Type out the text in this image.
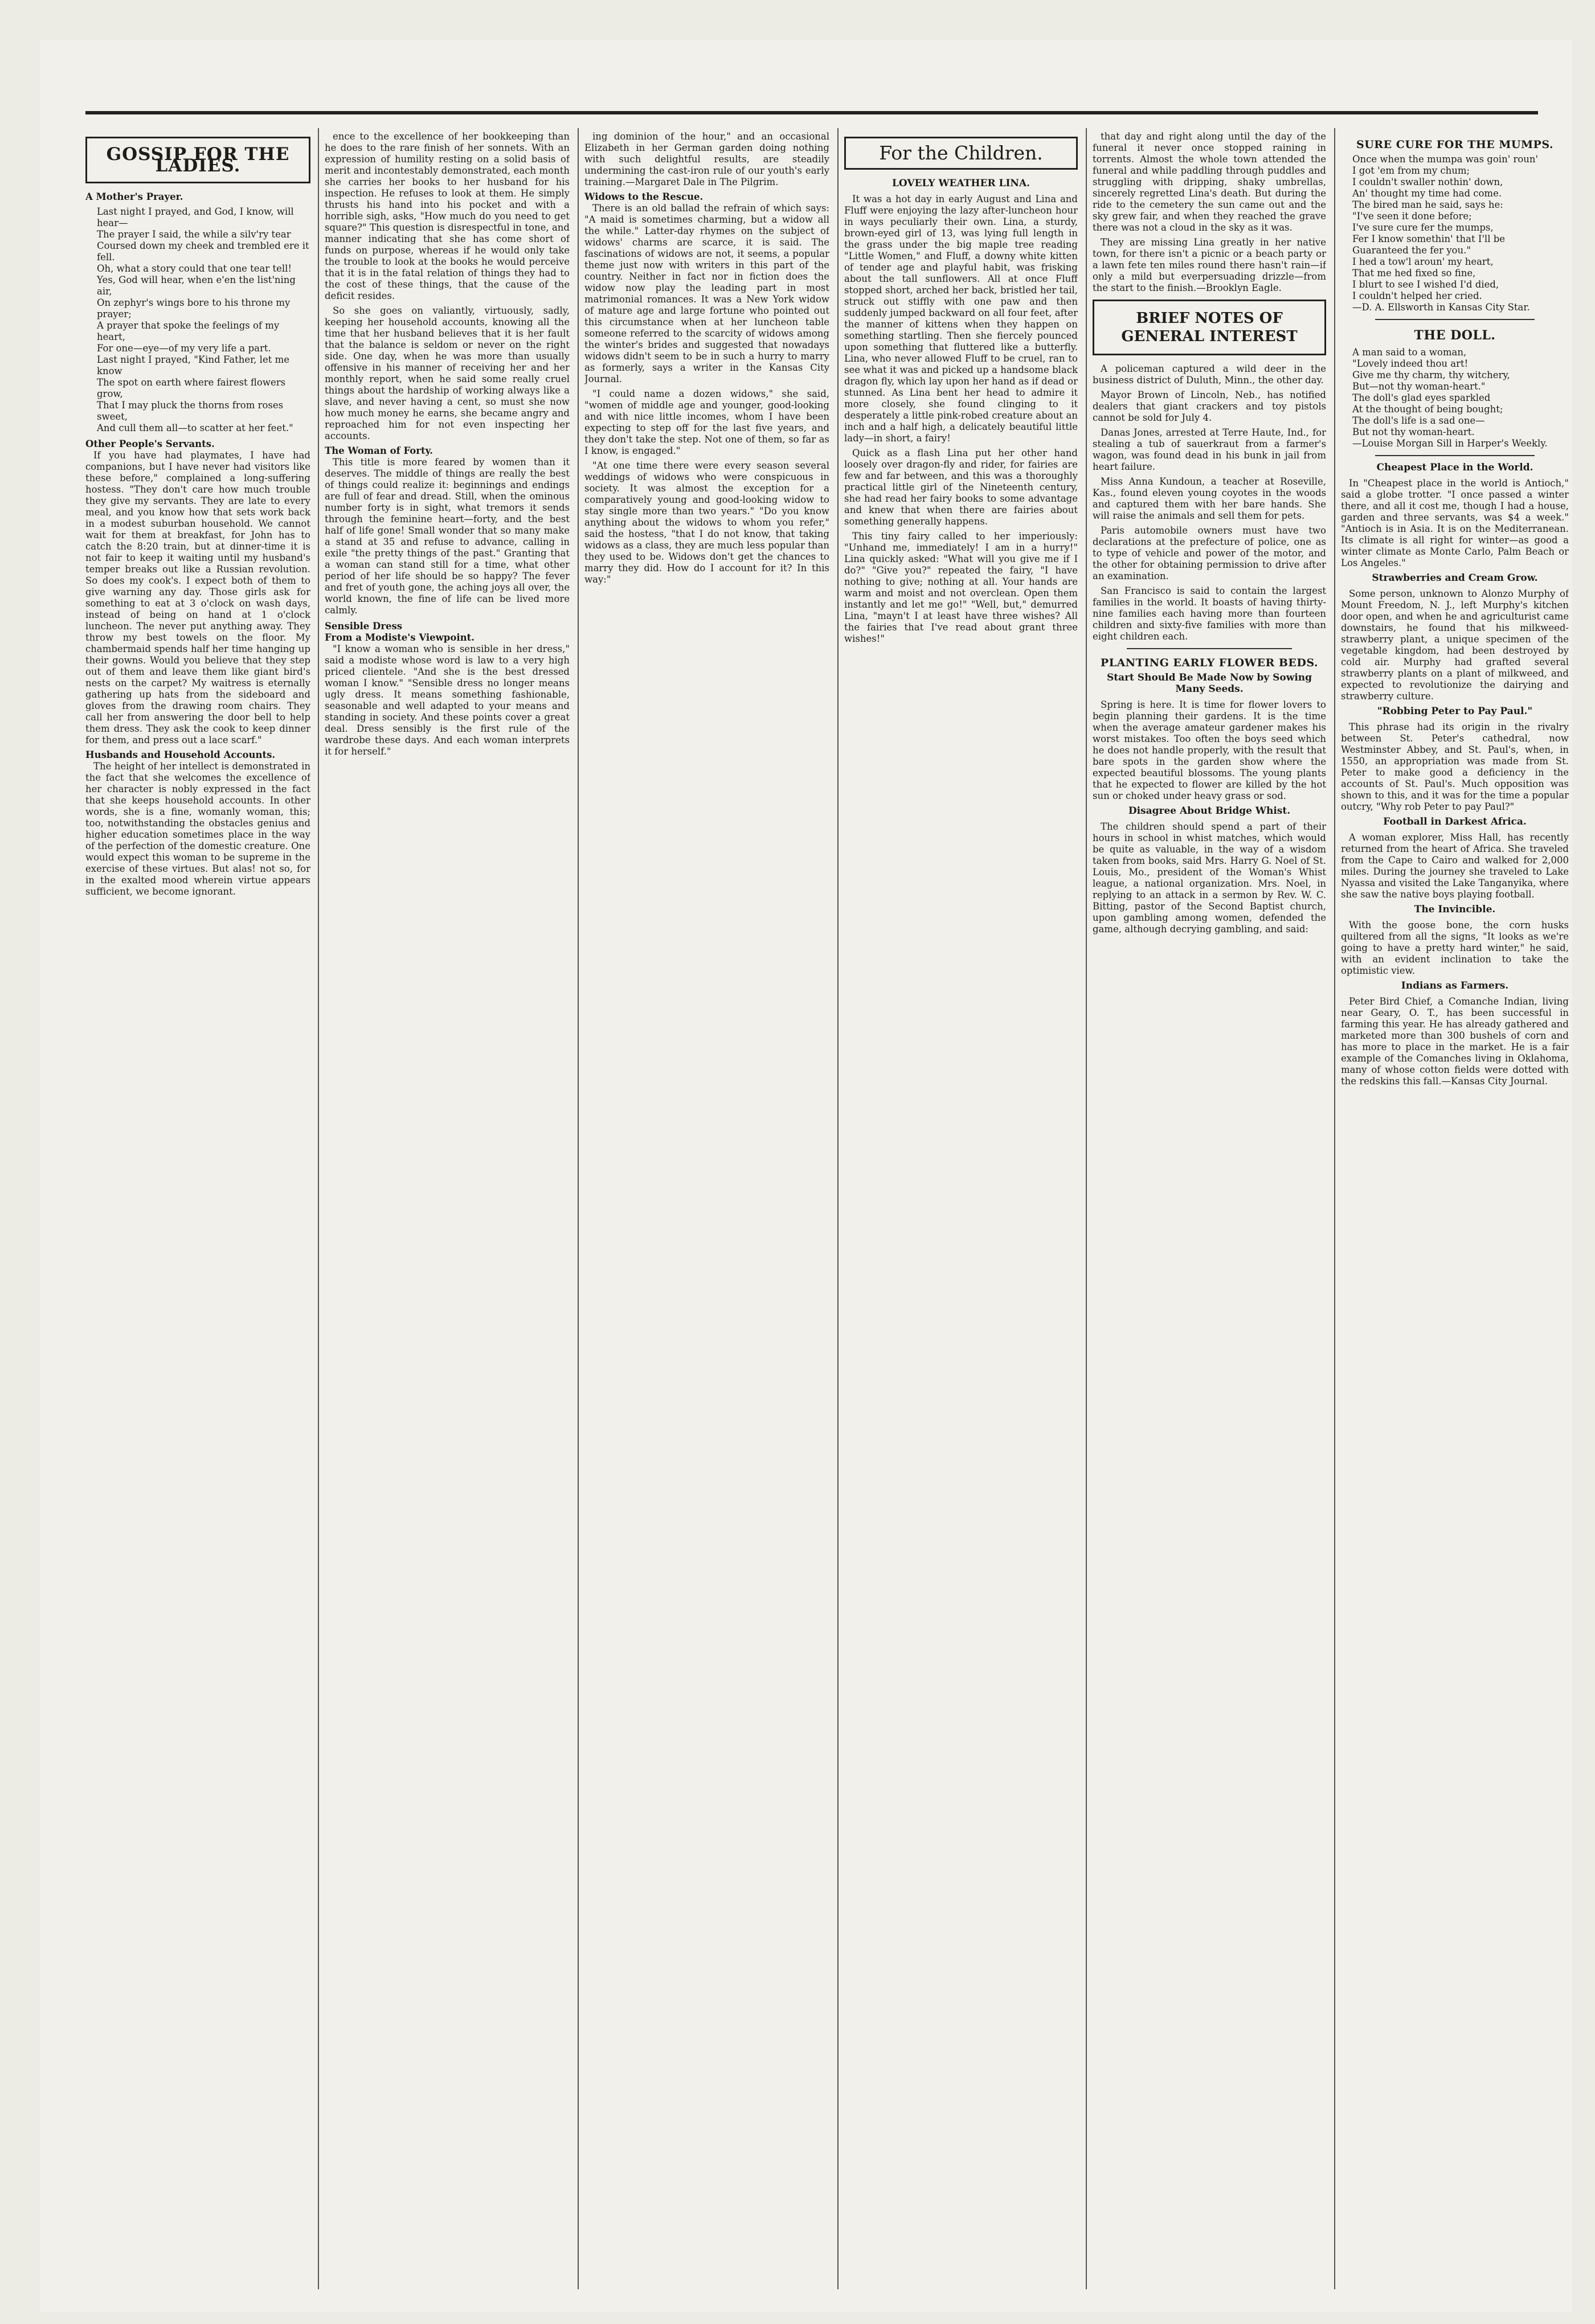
GOSSIP FOR THE LADIES.
A Mother's Prayer.
Last night I prayed, and God, I know, will hear—
The prayer I said, the while a silv'ry tear Coursed down my cheek and trembled ere it fell.
Oh, what a story could that one tear tell! Yes, God will hear, when e'en the list'ning air,
On zephyr's wings bore to his throne my prayer;
A prayer that spoke the feelings of my heart,
For one—eye—of my very life a part.
Last night I prayed, "Kind Father, let me know
The spot on earth where fairest flowers grow,
That I may pluck the thorns from roses sweet,
And cull them all—to scatter at her feet."
Other People's Servants.

If you have had playmates, I have had companions, but I have never had visitors like these before," complained a long-suffering hostess. "They don't care how much trouble they give my servants. They are late to every meal, and you know how that sets work back in a modest suburban household. We cannot wait for them at breakfast, for John has to catch the 8:20 train, but at dinner-time it is not fair to keep it waiting until my husband's temper breaks out like a Russian revolution. So does my cook's. I expect both of them to give warning any day. Those girls ask for something to eat at 3 o'clock on wash days, instead of being on hand at 1 o'clock luncheon. The never put anything away. They throw my best towels on the floor. My chambermaid spends half her time hanging up their gowns. Would you believe that they step out of them and leave them like giant bird's nests on the carpet? My waitress is eternally gathering up hats from the sideboard and gloves from the drawing room chairs. They call her from answering the door bell to help them dress. They ask the cook to keep dinner for them, and press out a lace scarf."

Husbands and Household Accounts.

The height of her intellect is demonstrated in the fact that she welcomes the excellence of her character is nobly expressed in the fact that she keeps household accounts. In other words, she is a fine, womanly woman, this; too, notwithstanding the obstacles genius and higher education sometimes place in the way of the perfection of the domestic creature. One would expect this woman to be supreme in the exercise of these virtues. But alas! not so, for in the exalted mood wherein virtue appears sufficient, we become ignorant.

ence to the excellence of her bookkeeping than he does to the rare finish of her sonnets. With an expression of humility resting on a solid basis of merit and incontestably demonstrated, each month she carries her books to her husband for his inspection. He refuses to look at them. He simply thrusts his hand into his pocket and with a horrible sigh, asks, "How much do you need to get square?" This question is disrespectful in tone, and manner indicating that she has come short of funds on purpose, whereas if he would only take the trouble to look at the books he would perceive that it is in the fatal relation of things they had to the cost of these things, that the cause of the deficit resides.

So she goes on valiantly, virtuously, sadly, keeping her household accounts, knowing all the time that her husband believes that it is her fault that the balance is seldom or never on the right side. One day, when he was more than usually offensive in his manner of receiving her and her monthly report, when he said some really cruel things about the hardship of working always like a slave, and never having a cent, so must she now how much money he earns, she became angry and reproached him for not even inspecting her accounts.

The Woman of Forty.

This title is more feared by women than it deserves. The middle of things are really the best of things could realize it: beginnings and endings are full of fear and dread. Still, when the ominous number forty is in sight, what tremors it sends through the feminine heart—forty, and the best half of life gone! Small wonder that so many make a stand at 35 and refuse to advance, calling in exile "the pretty things of the past." Granting that a woman can stand still for a time, what other period of her life should be so happy? The fever and fret of youth gone, the aching joys all over, the world known, the fine of life can be lived more calmly.

Sensible Dress
From a Modiste's Viewpoint.

"I know a woman who is sensible in her dress," said a modiste whose word is law to a very high priced clientele. "And she is the best dressed woman I know." "Sensible dress no longer means ugly dress. It means something fashionable, seasonable and well adapted to your means and standing in society. And these points cover a great deal. Dress sensibly is the first rule of the wardrobe these days. And each woman interprets it for herself."

ing dominion of the hour," and an occasional Elizabeth in her German garden doing nothing with such delightful results, are steadily undermining the cast-iron rule of our youth's early training.—Margaret Dale in The Pilgrim.

Widows to the Rescue.

There is an old ballad the refrain of which says: "A maid is sometimes charming, but a widow all the while." Latter-day rhymes on the subject of widows' charms are scarce, it is said. The fascinations of widows are not, it seems, a popular theme just now with writers in this part of the country. Neither in fact nor in fiction does the widow now play the leading part in most matrimonial romances. It was a New York widow of mature age and large fortune who pointed out this circumstance when at her luncheon table someone referred to the scarcity of widows among the winter's brides and suggested that nowadays widows didn't seem to be in such a hurry to marry as formerly, says a writer in the Kansas City Journal.

"I could name a dozen widows," she said, "women of middle age and younger, good-looking and with nice little incomes, whom I have been expecting to step off for the last five years, and they don't take the step. Not one of them, so far as I know, is engaged."

"At one time there were every season several weddings of widows who were conspicuous in society. It was almost the exception for a comparatively young and good-looking widow to stay single more than two years." "Do you know anything about the widows to whom you refer," said the hostess, "that I do not know, that taking widows as a class, they are much less popular than they used to be. Widows don't get the chances to marry they did. How do I account for it? In this way:"

For the Children.
LOVELY WEATHER LINA.

It was a hot day in early August and Lina and Fluff were enjoying the lazy after-luncheon hour in ways peculiarly their own. Lina, a sturdy, brown-eyed girl of 13, was lying full length in the grass under the big maple tree reading "Little Women," and Fluff, a downy white kitten of tender age and playful habit, was frisking about the tall sunflowers. All at once Fluff stopped short, arched her back, bristled her tail, struck out stiffly with one paw and then suddenly jumped backward on all four feet, after the manner of kittens when they happen on something startling. Then she fiercely pounced upon something that fluttered like a butterfly. Lina, who never allowed Fluff to be cruel, ran to see what it was and picked up a handsome black dragon fly, which lay upon her hand as if dead or stunned. As Lina bent her head to admire it more closely, she found clinging to it desperately a little pink-robed creature about an inch and a half high, a delicately beautiful little lady—in short, a fairy!

Quick as a flash Lina put her other hand loosely over dragon-fly and rider, for fairies are few and far between, and this was a thoroughly practical little girl of the Nineteenth century, she had read her fairy books to some advantage and knew that when there are fairies about something generally happens.

This tiny fairy called to her imperiously: "Unhand me, immediately! I am in a hurry!" Lina quickly asked: "What will you give me if I do?" "Give you?" repeated the fairy, "I have nothing to give; nothing at all. Your hands are warm and moist and not overclean. Open them instantly and let me go!" "Well, but," demurred Lina, "mayn't I at least have three wishes? All the fairies that I've read about grant three wishes!"

that day and right along until the day of the funeral it never once stopped raining in torrents. Almost the whole town attended the funeral and while paddling through puddles and struggling with dripping, shaky umbrellas, sincerely regretted Lina's death. But during the ride to the cemetery the sun came out and the sky grew fair, and when they reached the grave there was not a cloud in the sky as it was.

They are missing Lina greatly in her native town, for there isn't a picnic or a beach party or a lawn fete ten miles round there hasn't rain—if only a mild but everpersuading drizzle—from the start to the finish.—Brooklyn Eagle.

BRIEF NOTES OF GENERAL INTEREST

A policeman captured a wild deer in the business district of Duluth, Minn., the other day.

Mayor Brown of Lincoln, Neb., has notified dealers that giant crackers and toy pistols cannot be sold for July 4.

Danas Jones, arrested at Terre Haute, Ind., for stealing a tub of sauerkraut from a farmer's wagon, was found dead in his bunk in jail from heart failure.

Miss Anna Kundoun, a teacher at Roseville, Kas., found eleven young coyotes in the woods and captured them with her bare hands. She will raise the animals and sell them for pets.

Paris automobile owners must have two declarations at the prefecture of police, one as to type of vehicle and power of the motor, and the other for obtaining permission to drive after an examination.

San Francisco is said to contain the largest families in the world. It boasts of having thirty-nine families each having more than fourteen children and sixty-five families with more than eight children each.

PLANTING EARLY FLOWER BEDS.
Start Should Be Made Now by Sowing Many Seeds.

Spring is here. It is time for flower lovers to begin planning their gardens. It is the time when the average amateur gardener makes his worst mistakes. Too often the boys seed which he does not handle properly, with the result that bare spots in the garden show where the expected beautiful blossoms. The young plants that he expected to flower are killed by the hot sun or choked under heavy grass or sod.

Disagree About Bridge Whist.

The children should spend a part of their hours in school in whist matches, which would be quite as valuable, in the way of a wisdom taken from books, said Mrs. Harry G. Noel of St. Louis, Mo., president of the Woman's Whist league, a national organization. Mrs. Noel, in replying to an attack in a sermon by Rev. W. C. Bitting, pastor of the Second Baptist church, upon gambling among women, defended the game, although decrying gambling, and said:

SURE CURE FOR THE MUMPS.
Once when the mumpa was goin' roun'
I got 'em from my chum;
I couldn't swaller nothin' down,
An' thought my time had come.
The bired man he said, says he:
"I've seen it done before;
I've sure cure fer the mumps,
Fer I know somethin' that I'll be
Guaranteed the fer you."
I hed a tow'l aroun' my heart,
That me hed fixed so fine,
I blurt to see I wished I'd died,
I couldn't helped her cried.
—D. A. Ellsworth in Kansas City Star.
THE DOLL.
A man said to a woman,
"Lovely indeed thou art!
Give me thy charm, thy witchery,
But—not thy woman-heart."
The doll's glad eyes sparkled
At the thought of being bought;
The doll's life is a sad one—
But not thy woman-heart.
—Louise Morgan Sill in Harper's Weekly.
Cheapest Place in the World.

In "Cheapest place in the world is Antioch," said a globe trotter. "I once passed a winter there, and all it cost me, though I had a house, garden and three servants, was $4 a week." "Antioch is in Asia. It is on the Mediterranean. Its climate is all right for winter—as good a winter climate as Monte Carlo, Palm Beach or Los Angeles."

Strawberries and Cream Grow.

Some person, unknown to Alonzo Murphy of Mount Freedom, N. J., left Murphy's kitchen door open, and when he and agriculturist came downstairs, he found that his milkweed-strawberry plant, a unique specimen of the vegetable kingdom, had been destroyed by cold air. Murphy had grafted several strawberry plants on a plant of milkweed, and expected to revolutionize the dairying and strawberry culture.

"Robbing Peter to Pay Paul."

This phrase had its origin in the rivalry between St. Peter's cathedral, now Westminster Abbey, and St. Paul's, when, in 1550, an appropriation was made from St. Peter to make good a deficiency in the accounts of St. Paul's. Much opposition was shown to this, and it was for the time a popular outcry, "Why rob Peter to pay Paul?"

Football in Darkest Africa.

A woman explorer, Miss Hall, has recently returned from the heart of Africa. She traveled from the Cape to Cairo and walked for 2,000 miles. During the journey she traveled to Lake Nyassa and visited the Lake Tanganyika, where she saw the native boys playing football.

The Invincible.

With the goose bone, the corn husks quiltered from all the signs, "It looks as we're going to have a pretty hard winter," he said, with an evident inclination to take the optimistic view.

Indians as Farmers.

Peter Bird Chief, a Comanche Indian, living near Geary, O. T., has been successful in farming this year. He has already gathered and marketed more than 300 bushels of corn and has more to place in the market. He is a fair example of the Comanches living in Oklahoma, many of whose cotton fields were dotted with the redskins this fall.—Kansas City Journal.
